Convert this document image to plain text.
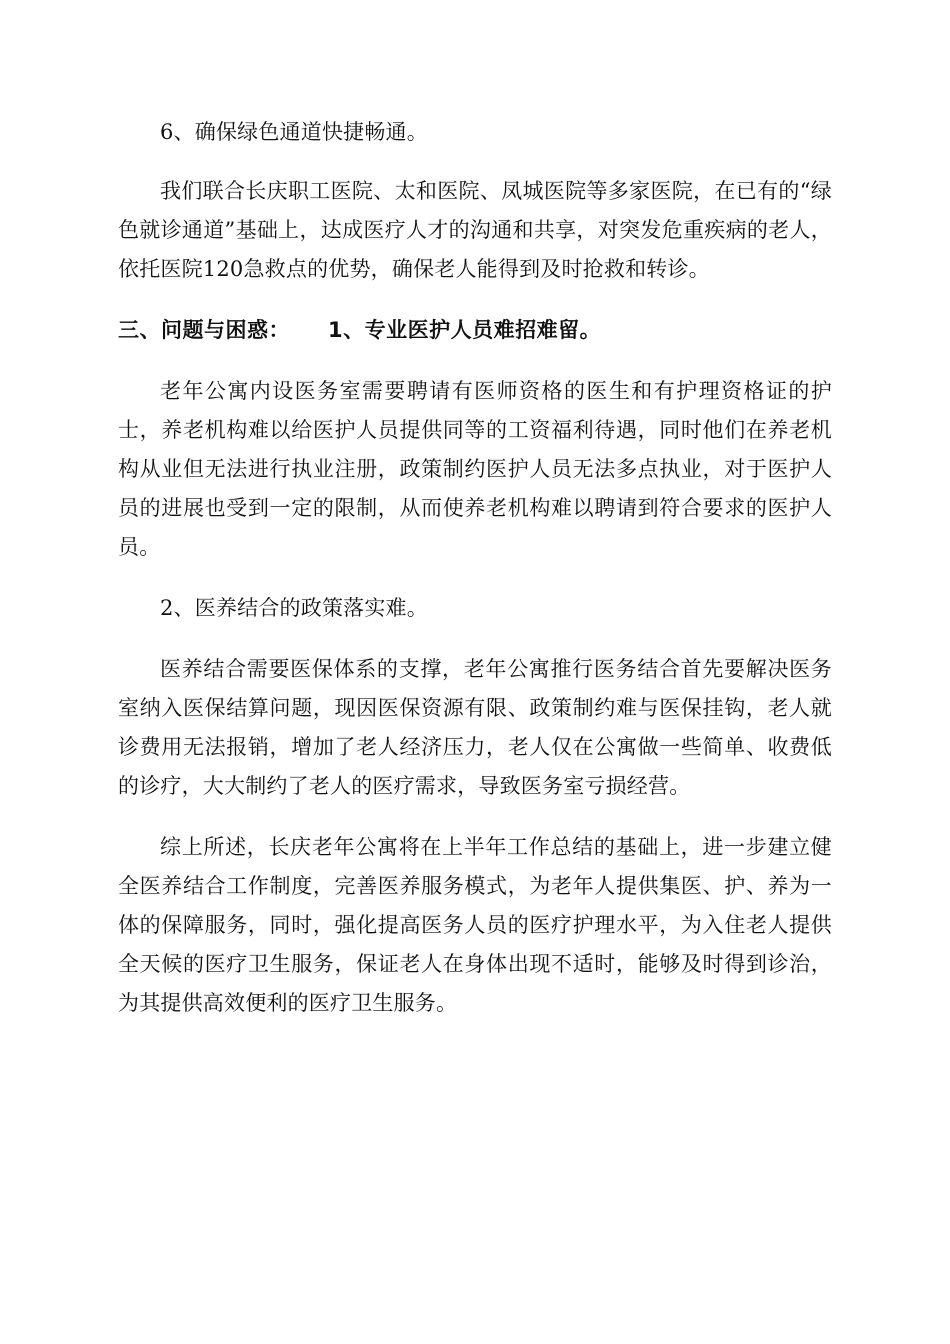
6、确保绿色通道快捷畅通。

我们联合长庆职工医院、太和医院、凤城医院等多家医院，在已有的“绿色就诊通道”基础上，达成医疗人才的沟通和共享，对突发危重疾病的老人，依托医院120急救点的优势，确保老人能得到及时抢救和转诊。

三、问题与困惑： 1、专业医护人员难招难留。

老年公寓内设医务室需要聘请有医师资格的医生和有护理资格证的护士，养老机构难以给医护人员提供同等的工资福利待遇，同时他们在养老机构从业但无法进行执业注册，政策制约医护人员无法多点执业，对于医护人员的进展也受到一定的限制，从而使养老机构难以聘请到符合要求的医护人员。

2、医养结合的政策落实难。

医养结合需要医保体系的支撑，老年公寓推行医务结合首先要解决医务室纳入医保结算问题，现因医保资源有限、政策制约难与医保挂钩，老人就诊费用无法报销，增加了老人经济压力，老人仅在公寓做一些简单、收费低的诊疗，大大制约了老人的医疗需求，导致医务室亏损经营。

综上所述，长庆老年公寓将在上半年工作总结的基础上，进一步建立健全医养结合工作制度，完善医养服务模式，为老年人提供集医、护、养为一体的保障服务，同时，强化提高医务人员的医疗护理水平，为入住老人提供全天候的医疗卫生服务，保证老人在身体出现不适时，能够及时得到诊治，为其提供高效便利的医疗卫生服务。
